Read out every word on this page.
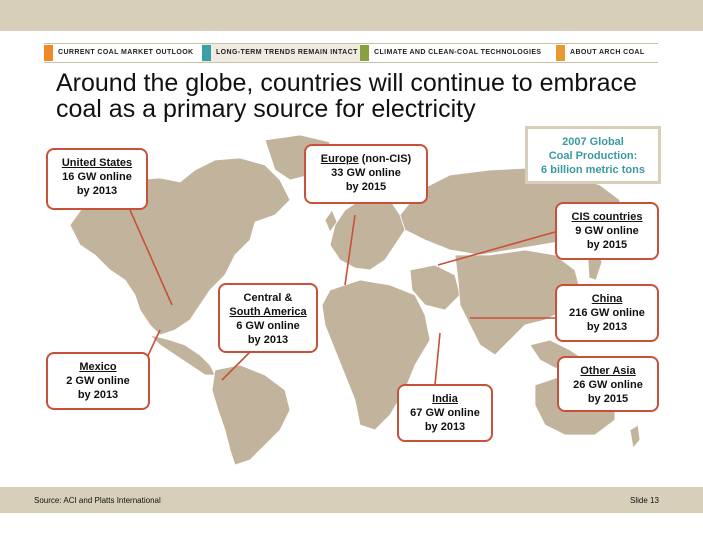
CURRENT COAL MARKET OUTLOOK	LONG-TERM TRENDS REMAIN INTACT	CLIMATE AND CLEAN-COAL TECHNOLOGIES	ABOUT ARCH COAL
Around the globe, countries will continue to embrace coal as a primary source for electricity
2007 Global
Coal Production:
6 billion metric tons
United States
16 GW online
by 2013
Europe (non-CIS)
33 GW online
by 2015
CIS countries
9 GW online
by 2015
Central &
South America
6 GW online
by 2013
China
216 GW online
by 2013
Mexico
2 GW online
by 2013	India
67 GW online
by 2013
Other Asia
26 GW online
by 2015
Source: ACI and Platts International	Slide 13
